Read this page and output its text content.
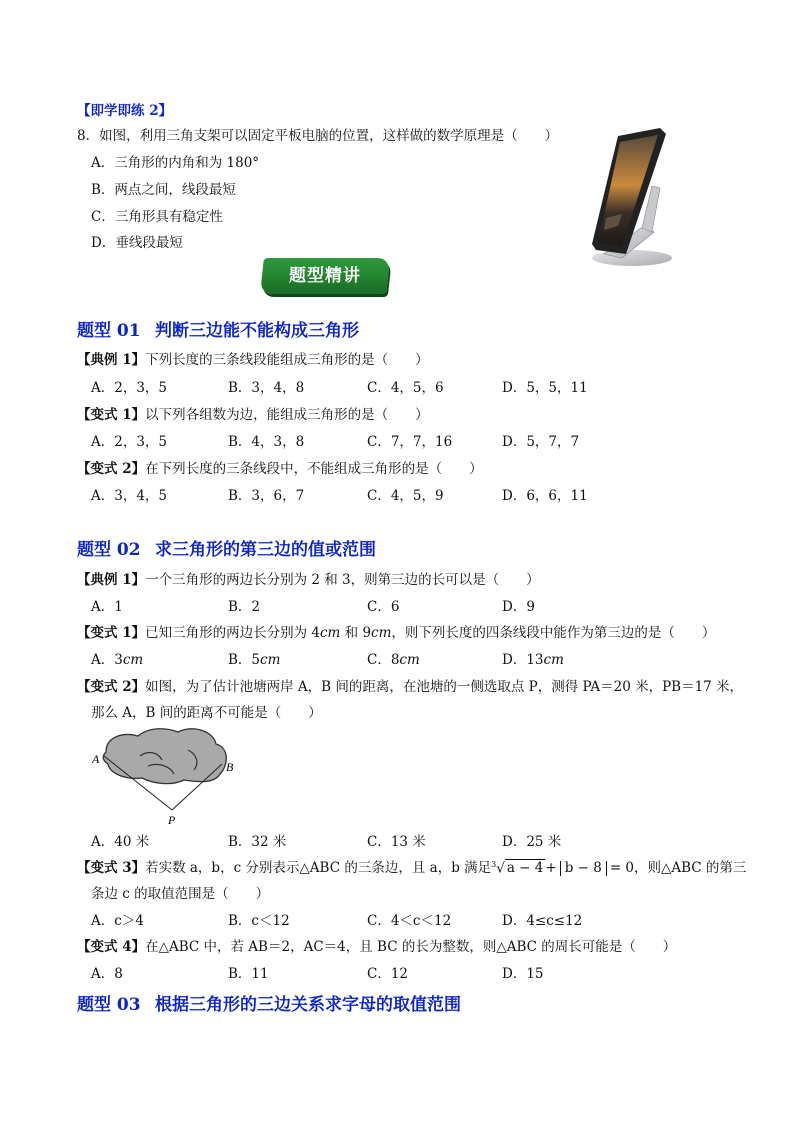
【即学即练 2】
8．如图，利用三角支架可以固定平板电脑的位置，这样做的数学原理是（　　）
A．三角形的内角和为 180°
B．两点之间，线段最短
C．三角形具有稳定性
D．垂线段最短
题型精讲
题型 01 判断三边能不能构成三角形
【典例 1】下列长度的三条线段能组成三角形的是（　　）
A．2，3，5	B．3，4，8	C．4，5，6	D．5，5，11
【变式 1】以下列各组数为边，能组成三角形的是（　　）
A．2，3，5	B．4，3，8	C．7，7，16	D．5，7，7
【变式 2】在下列长度的三条线段中，不能组成三角形的是（　　）
A．3，4，5	B．3，6，7	C．4，5，9	D．6，6，11
题型 02 求三角形的第三边的值或范围
【典例 1】一个三角形的两边长分别为 2 和 3，则第三边的长可以是（　　）
A．1	B．2	C．6	D．9
【变式 1】已知三角形的两边长分别为 4cm 和 9cm，则下列长度的四条线段中能作为第三边的是（　　）
A．3cm	B．5cm	C．8cm	D．13cm
【变式 2】如图，为了估计池塘两岸 A，B 间的距离，在池塘的一侧选取点 P，测得 PA＝20 米，PB＝17 米，
那么 A，B 间的距离不可能是（　　）
A
B
P
A．40 米	B．32 米	C．13 米	D．25 米
【变式 3】若实数 a，b，c 分别表示△ABC 的三条边，且 a，b 满足$^3$√ a − 4 + b − 8 = 0，则△ABC 的第三
条边 c 的取值范围是（　　）
A．c＞4	B．c＜12	C．4＜c＜12	D．4≤c≤12
【变式 4】在△ABC 中，若 AB＝2，AC＝4，且 BC 的长为整数，则△ABC 的周长可能是（　　）
A．8	B．11	C．12	D．15
题型 03 根据三角形的三边关系求字母的取值范围
